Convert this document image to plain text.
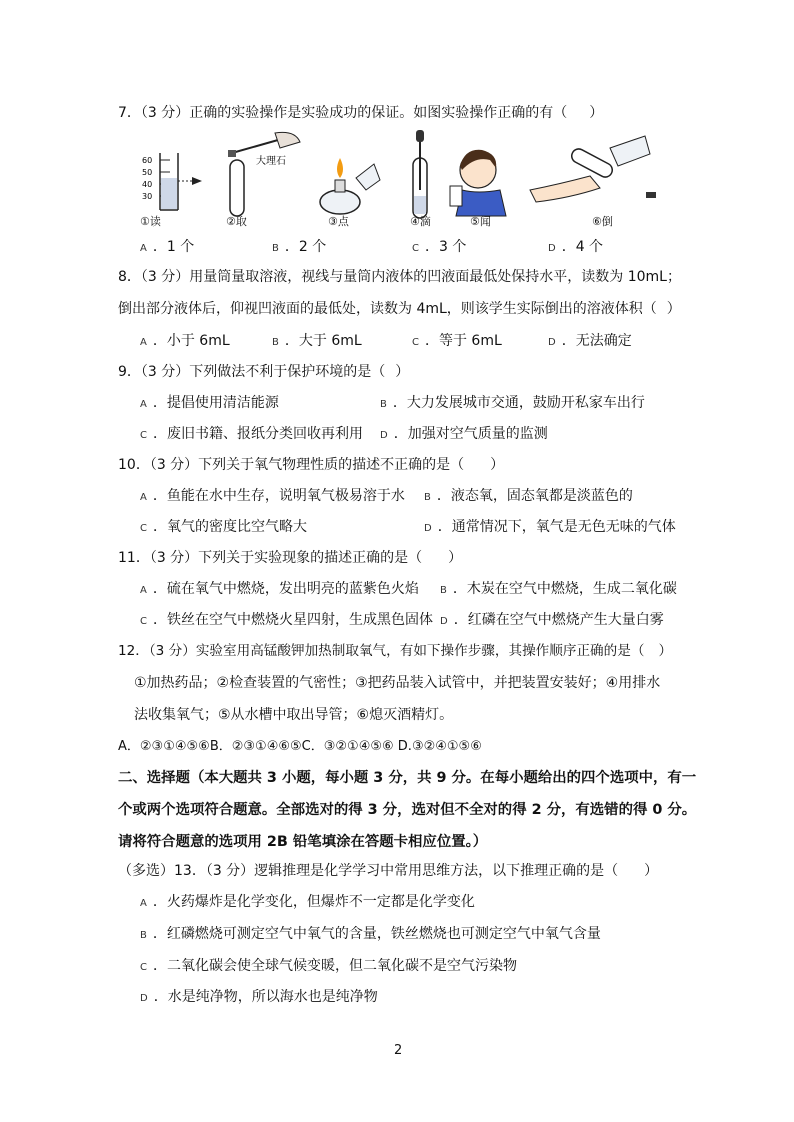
7．（3 分）正确的实验操作是实验成功的保证。如图实验操作正确的有（ ）
60
50
40
30
大理石
①读	②取	③点	④滴	⑤闻	⑥倒
A ．1 个	B ．2 个	C ．3 个	D ．4 个
8．（3 分）用量筒量取溶液，视线与量筒内液体的凹液面最低处保持水平，读数为 10mL；
倒出部分液体后，仰视凹液面的最低处，读数为 4mL，则该学生实际倒出的溶液体积（ ）
A ．小于 6mL	B ．大于 6mL	C ．等于 6mL	D ．无法确定
9．（3 分）下列做法不利于保护环境的是（ ）
A ．提倡使用清洁能源	B ．大力发展城市交通，鼓励开私家车出行
C ．废旧书籍、报纸分类回收再利用 D ．加强对空气质量的监测
10．（3 分）下列关于氧气物理性质的描述不正确的是（ ）
A ．鱼能在水中生存，说明氧气极易溶于水 B ．液态氧，固态氧都是淡蓝色的
C ．氧气的密度比空气略大	D ．通常情况下，氧气是无色无味的气体
11．（3 分）下列关于实验现象的描述正确的是（ ）
A ．硫在氧气中燃烧，发出明亮的蓝紫色火焰 B ．木炭在空气中燃烧，生成二氧化碳
C ．铁丝在空气中燃烧火星四射，生成黑色固体 D ．红磷在空气中燃烧产生大量白雾
12．（3 分）实验室用高锰酸钾加热制取氧气，有如下操作步骤，其操作顺序正确的是（ ）
①加热药品；②检查装置的气密性；③把药品装入试管中，并把装置安装好；④用排水
法收集氧气；⑤从水槽中取出导管；⑥熄灭酒精灯。
A．②③①④⑤⑥B．②③①④⑥⑤C．③②①④⑤⑥ D.③②④①⑤⑥
二、选择题（本大题共 3 小题，每小题 3 分，共 9 分。在每小题给出的四个选项中，有一
个或两个选项符合题意。全部选对的得 3 分，选对但不全对的得 2 分，有选错的得 0 分。
请将符合题意的选项用 2B 铅笔填涂在答题卡相应位置。）
（多选）13．（3 分）逻辑推理是化学学习中常用思维方法，以下推理正确的是（ ）
A ．火药爆炸是化学变化，但爆炸不一定都是化学变化
B ．红磷燃烧可测定空气中氧气的含量，铁丝燃烧也可测定空气中氧气含量
C ．二氧化碳会使全球气候变暖，但二氧化碳不是空气污染物
D ．水是纯净物，所以海水也是纯净物
2
